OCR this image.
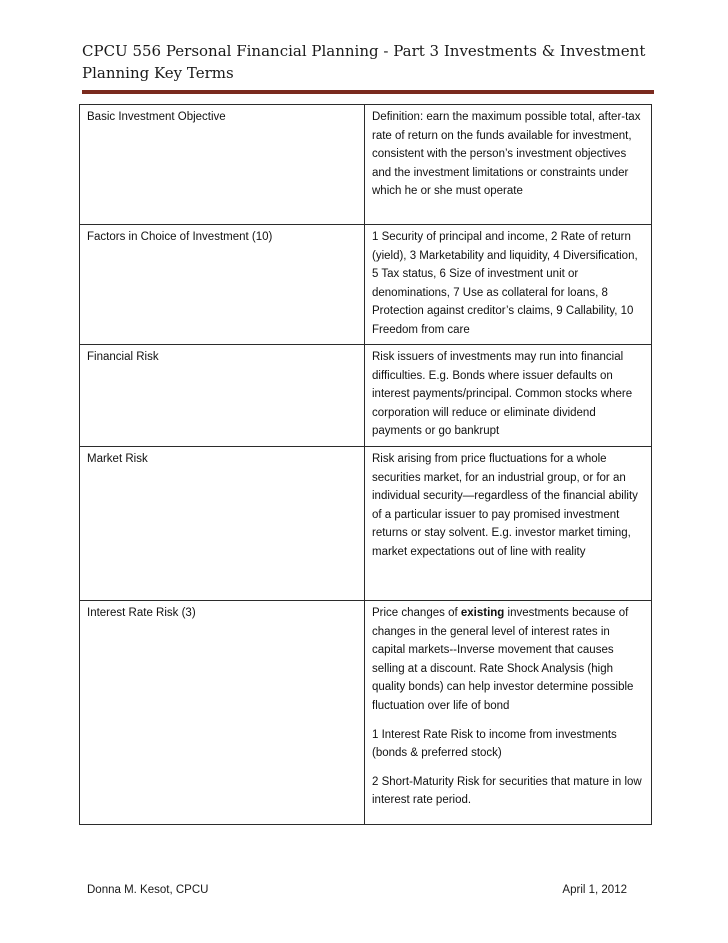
CPCU 556 Personal Financial Planning - Part 3 Investments & Investment Planning Key Terms
Basic Investment Objective	Definition: earn the maximum possible total, after-tax rate of return on the funds available for investment, consistent with the person’s investment objectives and the investment limitations or constraints under which he or she must operate
Factors in Choice of Investment (10)	1 Security of principal and income, 2 Rate of return (yield), 3 Marketability and liquidity, 4 Diversification, 5 Tax status, 6 Size of investment unit or denominations, 7 Use as collateral for loans, 8 Protection against creditor’s claims, 9 Callability, 10 Freedom from care
Financial Risk	Risk issuers of investments may run into financial difficulties. E.g. Bonds where issuer defaults on interest payments/principal. Common stocks where corporation will reduce or eliminate dividend payments or go bankrupt
Market Risk	Risk arising from price fluctuations for a whole securities market, for an industrial group, or for an individual security—regardless of the financial ability of a particular issuer to pay promised investment returns or stay solvent. E.g. investor market timing, market expectations out of line with reality
Interest Rate Risk (3)	Price changes of existing investments because of changes in the general level of interest rates in capital markets--Inverse movement that causes selling at a discount. Rate Shock Analysis (high quality bonds) can help investor determine possible fluctuation over life of bond

1 Interest Rate Risk to income from investments (bonds & preferred stock)

2 Short-Maturity Risk for securities that mature in low interest rate period.

Donna M. Kesot, CPCU	April 1, 2012
